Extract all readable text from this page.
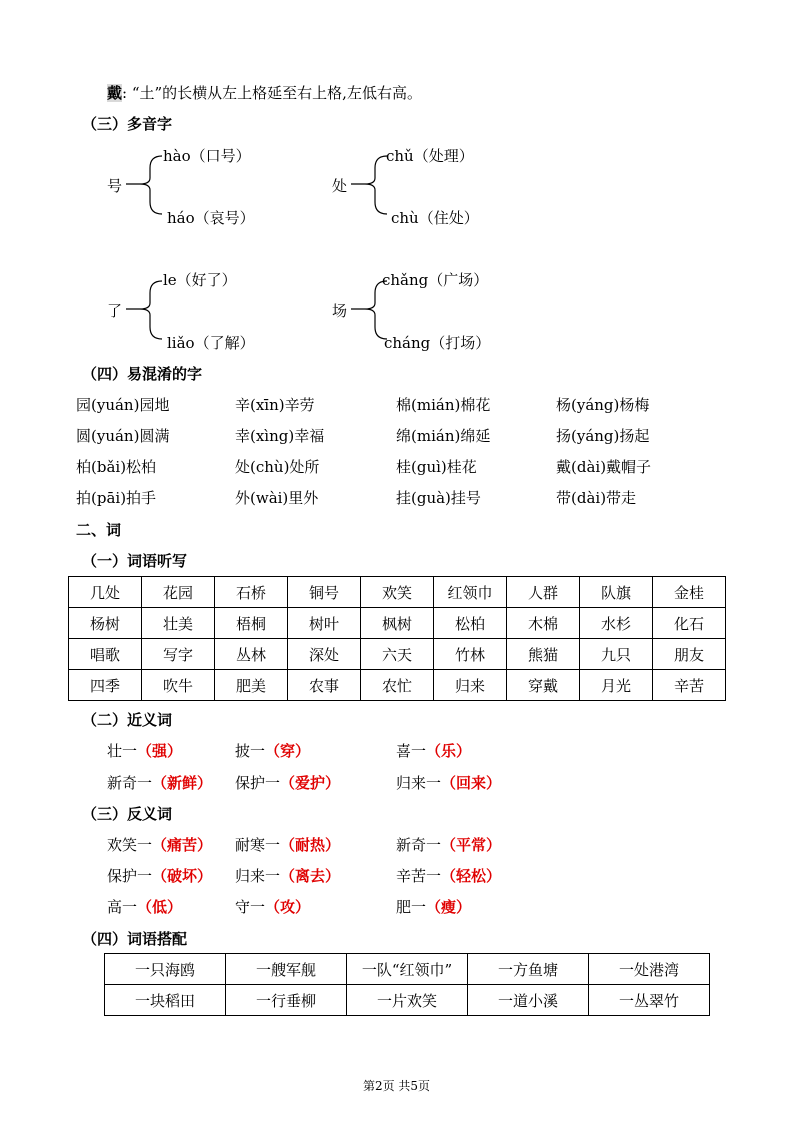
戴: “土”的长横从左上格延至右上格,左低右高。
（三）多音字
号
hào（口号）
háo（哀号）
处
chǔ（处理）
chù（住处）
了
le（好了）
liǎo（了解）
场
chǎng（广场）
cháng（打场）
（四）易混淆的字
园(yuán)园地	辛(xīn)辛劳	棉(mián)棉花	杨(yáng)杨梅
圆(yuán)圆满	幸(xìng)幸福	绵(mián)绵延	扬(yáng)扬起
柏(bǎi)松柏	处(chù)处所	桂(guì)桂花	戴(dài)戴帽子
拍(pāi)拍手	外(wài)里外	挂(guà)挂号	带(dài)带走
二、词
（一）词语听写
几处	花园	石桥	铜号	欢笑	红领巾	人群	队旗	金桂
杨树	壮美	梧桐	树叶	枫树	松柏	木棉	水杉	化石
唱歌	写字	丛林	深处	六天	竹林	熊猫	九只	朋友
四季	吹牛	肥美	农事	农忙	归来	穿戴	月光	辛苦
（二）近义词
壮一（强）	披一（穿）	喜一（乐）
新奇一（新鲜） 保护一（爱护）	归来一（回来）
（三）反义词
欢笑一（痛苦） 耐寒一（耐热）	新奇一（平常）
保护一（破坏） 归来一（离去）	辛苦一（轻松）
高一（低）	守一（攻）	肥一（瘦）
（四）词语搭配
一只海鸥	一艘军舰	一队“红领巾”	一方鱼塘	一处港湾
一块稻田	一行垂柳	一片欢笑	一道小溪	一丛翠竹
第2页 共5页
